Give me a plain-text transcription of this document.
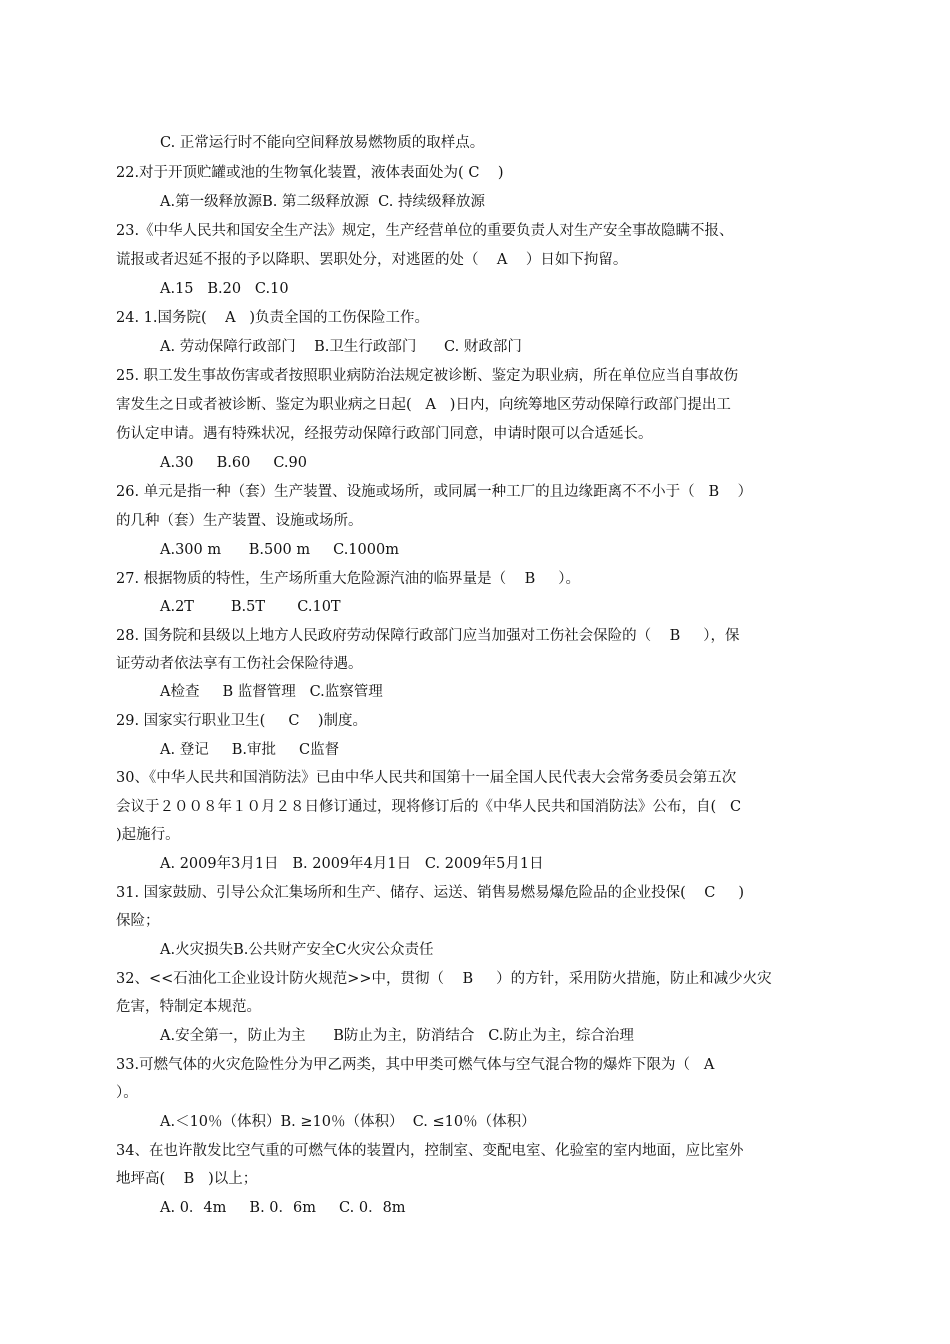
C. 正常运行时不能向空间释放易燃物质的取样点。
22.对于开顶贮罐或池的生物氧化装置，液体表面处为( C    )
A.第一级释放源B. 第二级释放源  C. 持续级释放源
23.《中华人民共和国安全生产法》规定，生产经营单位的重要负责人对生产安全事故隐瞒不报、
谎报或者迟延不报的予以降职、罢职处分，对逃匿的处（    A    ）日如下拘留。
A.15   B.20   C.10
24. 1.国务院(    A   )负责全国的工伤保险工作。
A. 劳动保障行政部门    B.卫生行政部门      C. 财政部门
25. 职工发生事故伤害或者按照职业病防治法规定被诊断、鉴定为职业病，所在单位应当自事故伤
害发生之日或者被诊断、鉴定为职业病之日起(   A   )日内，向统筹地区劳动保障行政部门提出工
伤认定申请。遇有特殊状况，经报劳动保障行政部门同意，申请时限可以合适延长。
A.30     B.60     C.90
26. 单元是指一种（套）生产装置、设施或场所，或同属一种工厂的且边缘距离不不小于（   B    ）
的几种（套）生产装置、设施或场所。
A.300 m      B.500 m     C.1000m
27. 根据物质的特性，生产场所重大危险源汽油的临界量是（    B     ）。
A.2T        B.5T       C.10T
28. 国务院和县级以上地方人民政府劳动保障行政部门应当加强对工伤社会保险的（    B     ），保
证劳动者依法享有工伤社会保险待遇。
A检查     B 监督管理   C.监察管理
29. 国家实行职业卫生(     C    )制度。
A. 登记     B.审批     C监督
30、《中华人民共和国消防法》已由中华人民共和国第十一届全国人民代表大会常务委员会第五次
会议于２００８年１０月２８日修订通过，现将修订后的《中华人民共和国消防法》公布，自(   C
)起施行。
A. 2009年3月1日   B. 2009年4月1日   C. 2009年5月1日
31. 国家鼓励、引导公众汇集场所和生产、储存、运送、销售易燃易爆危险品的企业投保(    C     )
保险；
A.火灾损失B.公共财产安全C火灾公众责任
32、<<石油化工企业设计防火规范>>中，贯彻（    B     ）的方针，采用防火措施，防止和减少火灾
危害，特制定本规范。
A.安全第一，防止为主      B防止为主，防消结合   C.防止为主，综合治理
33.可燃气体的火灾危险性分为甲乙两类，其中甲类可燃气体与空气混合物的爆炸下限为（   A
）。
A.＜10％（体积）B. ≥10％（体积）  C. ≤10％（体积）
34、在也许散发比空气重的可燃气体的装置内，控制室、变配电室、化验室的室内地面，应比室外
地坪高(    B   )以上；
A. 0．4m     B. 0．6m     C. 0．8m
